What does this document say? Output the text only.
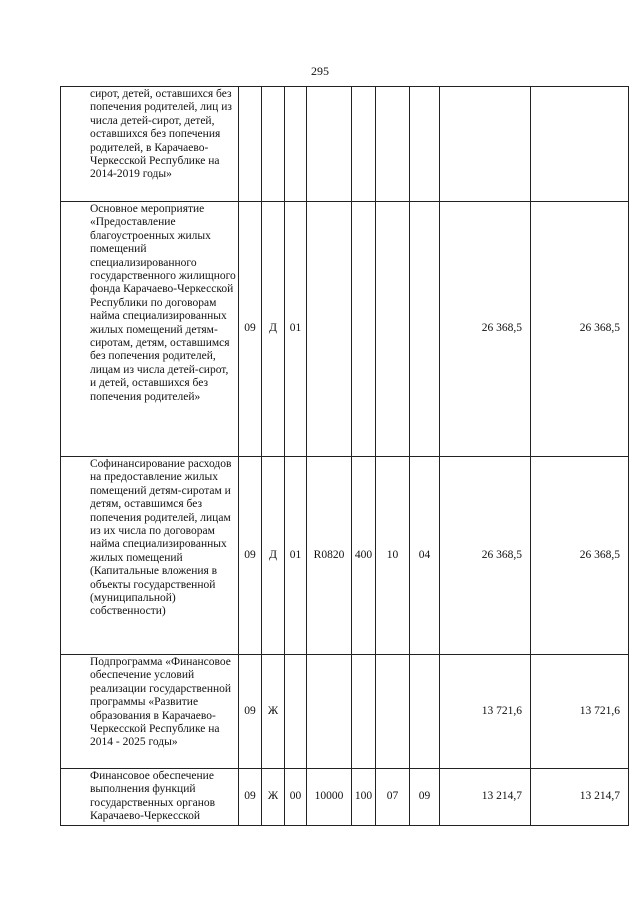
295
сирот, детей, оставшихся без попечения родителей, лиц из числа детей-сирот, детей, оставшихся без попечения родителей, в Карачаево-Черкесской Республике на 2014-2019 годы»									
Основное мероприятие «Предоставление благоустроенных жилых помещений специализированного государственного жилищного фонда Карачаево-Черкесской Республики по договорам найма специализированных жилых помещений детям-сиротам, детям, оставшимся без попечения родителей, лицам из числа детей-сирот, и детей, оставшихся без попечения родителей»	09	Д	01					26 368,5	26 368,5
Софинансирование расходов на предоставление жилых помещений детям-сиротам и детям, оставшимся без попечения родителей, лицам из их числа по договорам найма специализированных жилых помещений (Капитальные вложения в объекты государственной (муниципальной) собственности)	09	Д	01	R0820	400	10	04	26 368,5	26 368,5
Подпрограмма «Финансовое обеспечение условий реализации государственной программы «Развитие образования в Карачаево-Черкесской Республике на 2014 - 2025 годы»	09	Ж						13 721,6	13 721,6
Финансовое обеспечение выполнения функций государственных органов Карачаево-Черкесской	09	Ж	00	10000	100	07	09	13 214,7	13 214,7
